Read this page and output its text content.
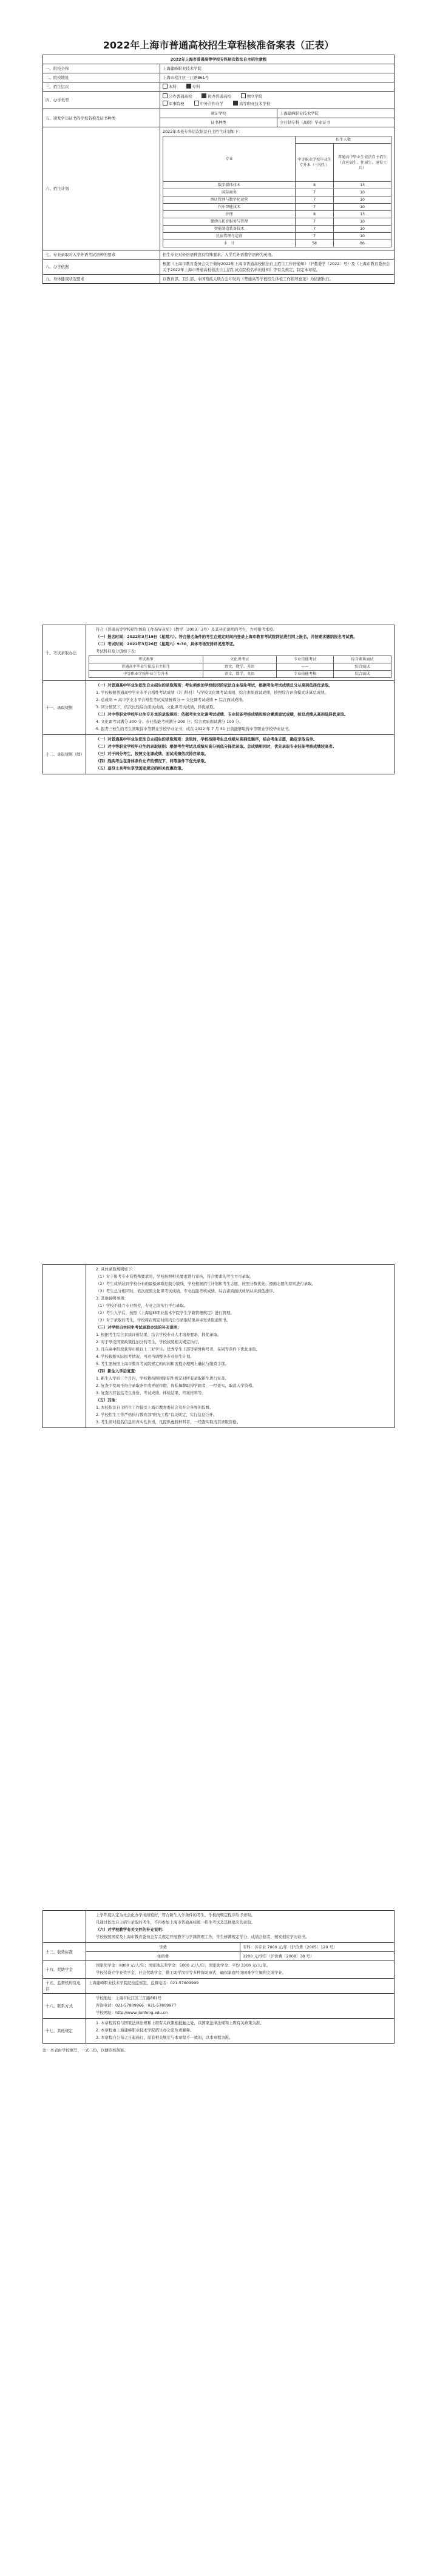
2022年上海市普通高校招生章程核准备案表（正表）
2022年上海市普通高等学校专科层次依法自主招生章程
一、院校全称	上海建峰职业技术学院
二、院校地址	上海市松江区三江路861号
三、招生层次	本科	专科
四、办学类型	公办普通高校	民办普通高校	独立学院
军事院校	中外合作办学	高等职业技术学校
五、颁发学历证书的学校名称及证书种类	颁证学校	上海建峰职业技术学院
证书种类	全日制专科（高职）毕业证书
六、招生计划	
2022年本校专科层次依法自主招生计划如下：
专业	招生人数
中等职业学校毕业生专升本（三校生）	普通高中毕业生依法自主招生（含应届生、往届生、退役士兵）
数字媒体技术	8	13
国际商务	7	10
酒店管理与数字化运营	7	10
汽车智能技术	7	10
护理	8	13
婴幼儿托育服务与管理	7	10
智能制造装备技术	7	10
民宿管理与运营	7	10
小　计	58	86

七、专业录取对入学外语考试语种的要求	招生专业对外语语种没有特殊要求。入学后外语教学语种为英语。
八、办学依据	根据《上海市教育委员会关于做好2022年上海市普通高校依法自主招生工作的通知》（沪教委学〔2022〕号）及《上海市教育委员会关于2022年上海市普通高校依法自主招生试点院校名单的通知》等有关规定，制定本章程。
九、身体健康状况要求	以教育部、卫生部、中国残疾人联合会印发的《普通高等学校招生体检工作指导意见》为依据执行。
十、考试录取办法	
符合《普通高等学校招生体检工作指导意见》（教学〔2003〕3号）及其补充说明的考生，方可报考本校。
（一）报名时间：2022年3月19日（星期六）。符合报名条件的考生在规定时间内登录上海市教育考试院网站进行网上报名，并按要求缴纳报名考试费。
（二）考试时间：2022年3月26日（星期六）9:30，具体考场安排详见准考证。
考试科目及分值如下表：
考试类型	文化课考试	专业技能考试	综合素质面试
普通高中毕业生依法自主招生	语文、数学、英语	——	综合面试
中等职业学校毕业生专升本	语文、数学、英语	专业技能考核	综合面试

十一、录取规则	
（一）对普通高中毕业生依法自主招生的录取规则：考生须参加学校组织的依法自主招生考试，根据考生考试成绩总分从高到低择优录取。
1. 学校根据普通高中学业水平合格性考试成绩（7门科目）与学校文化课考试成绩、综合素质面试成绩，按照综合评价模式计算总成绩。
2. 总成绩 = 高中学业水平合格性考试成绩折算分 + 文化课考试成绩 + 综合面试成绩。
3. 同分情况下，依次比较综合面试成绩、文化课考试成绩，择优录取。
（二）对中等职业学校毕业生专升本的录取规则：依据考生文化课考试成绩、专业技能考核成绩和综合素质面试成绩，按总成绩从高到低择优录取。
4. 文化课考试满分 300 分；专业技能考核满分 200 分；综合素质面试满分 100 分。
5. 报考三校生的考生须取得中等职业学校毕业证书，或在 2022 年 7 月 31 日前能够取得中等职业学校毕业证书。

十二、录取规则（续）	
（一）对普通高中毕业生依法自主招生的录取规则：录取时，学校按照考生总成绩从高到低顺序，结合考生志愿，确定录取名单。
（二）对中等职业学校毕业生的录取规则：根据考生考试总成绩从高分到低分择优录取。总成绩相同时，优先录取专业技能考核成绩较高者。
（三）对于同分考生，按照文化课成绩、面试成绩依次排序录取。
（四）残疾考生在身体条件允许的情况下，同等条件下优先录取。
（五）退役士兵考生享受国家规定的相关优惠政策。

2. 具体录取规则如下：
（1）对于报考专业有特殊要求的，学校按照相关要求进行审核，符合要求的考生方可录取。
（2）考生成绩达到学校公布的最低录取控制分数线，学校根据招生计划和考生志愿，按照分数优先、遵循志愿的原则进行录取。
（3）考生总分相同时，依次按照文化课考试成绩、专业技能考核成绩、综合素质面试成绩从高到低排序。
3. 其他说明事项：
（1）学校不设立专业级差，专业之间实行平行录取。
（2）考生入学后，按照《上海建峰职业技术学院学生学籍管理规定》进行管理。
（3）对于录取的考生，学校将在规定时间内公布录取结果并寄发录取通知书。
（三）对学校自主招生考试录取办法的补充说明：
1. 根据考生综合素质评价结果，结合学校专业人才培养要求，择优录取。
2. 对于享受国家政策性加分的考生，学校按照相关规定执行。
3. 凡在高中阶段获得市级以上三好学生、优秀学生干部等荣誉称号者，在同等条件下优先录取。
4. 学校根据实际报考情况，可适当调整各专业招生计划。
5. 考生需按照上海市教育考试院规定的时间和流程办理网上确认与缴费手续。
（四）新生入学后复查：
1. 新生入学后三个月内，学校将按照国家招生规定对所有录取新生进行复查。
2. 复查中发现不符合录取条件或弄虚作假、徇私舞弊取得学籍者，一经查实，取消入学资格。
3. 复查内容包括考生身份、考试成绩、体检结果、档案材料等。
（五）其他：
1. 本校依法自主招生工作接受上海市教育委员会及社会各界的监督。
2. 学校招生工作严格执行教育部"阳光工程"有关规定，实行信息公开。
3. 考生须对报名信息的真实性负责，凡提供虚假材料者，一经查实取消其录取资格。

	上学年度认定为社会化办学成绩较好，符合新生入学条件的考生，学校按规定程序给予录取。
凡通过依法自主招生录取的考生，不再参加上海市普通高校统一招生考试及其他批次的录取。
（六）对学校教学有关文件的补充说明：
学校按照国家及上海市教育委员会有关规定开展教学与学籍管理工作，学生修满规定学分、成绩合格者，颁发相应学历证书。	

十三、收费标准	学费	专科：各专业 7000 元/年（沪价费〔2005〕120 号）
	住宿费	1200 元/学年（沪价费〔2008〕38 号）
十四、奖助学金	国家奖学金：8000 元/人/年；国家励志奖学金：5000 元/人/年；国家助学金：平均 3300 元/人/年。
学校另设立学业奖学金、社会奖助学金、勤工助学岗位等多种资助形式，确保家庭经济困难学生顺利完成学业。	

十五、监督机构及电话	上海建峰职业技术学院纪检监察室，监督电话：021-57809999	
十六、联系方式	学校地址：上海市松江区三江路861号
咨询电话：021-57809966　021-57809977
学校网址：http://www.jianfeng.edu.cn	

十七、其他规定	1. 本章程若有与国家法律法规和上级有关政策相抵触之处，以国家法律法规和上级有关政策为准。
2. 本章程由上海建峰职业技术学院招生办公室负责解释。
3. 本章程自公布之日起施行，原有相关规定与本章程不一致的，以本章程为准。	
注：本表由学校填写，一式二份，以便审核备案。
